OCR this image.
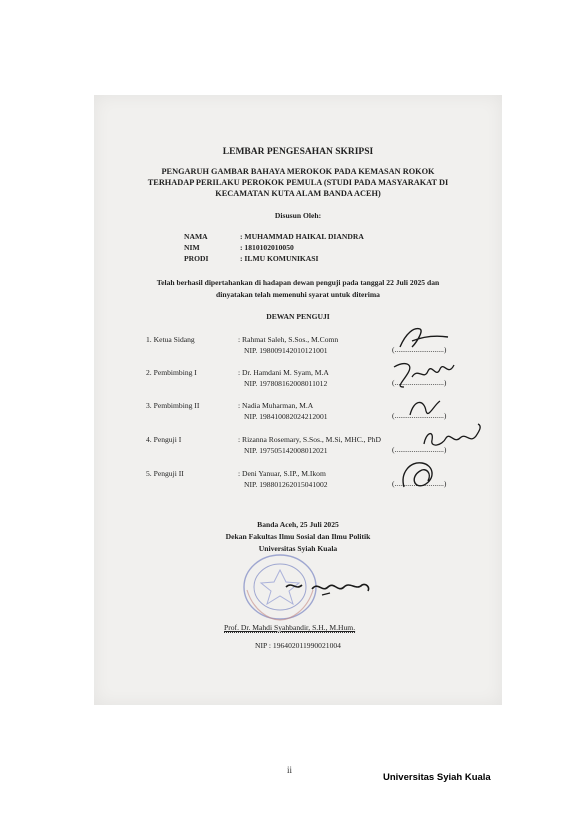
LEMBAR PENGESAHAN SKRIPSI
PENGARUH GAMBAR BAHAYA MEROKOK PADA KEMASAN ROKOK
TERHADAP PERILAKU PEROKOK PEMULA (STUDI PADA MASYARAKAT DI
KECAMATAN KUTA ALAM BANDA ACEH)
Disusun Oleh:
NAMA	: MUHAMMAD HAIKAL DIANDRA
NIM	: 1810102010050
PRODI	: ILMU KOMUNIKASI
Telah berhasil dipertahankan di hadapan dewan penguji pada tanggal 22 Juli 2025 dan
dinyatakan telah memenuhi syarat untuk diterima
DEWAN PENGUJI
1. Ketua Sidang	: Rahmat Saleh, S.Sos., M.Comn
NIP. 198009142010121001	(..........................)
2. Pembimbing I	: Dr. Hamdani M. Syam, M.A
NIP. 197808162008011012	(..........................)
3. Pembimbing II	: Nadia Muharman, M.A
NIP. 198410082024212001	(..........................)
4. Penguji I	: Rizanna Rosemary, S.Sos., M.Si, MHC., PhD
NIP. 197505142008012021	(..........................)
5. Penguji II	: Deni Yanuar, S.IP., M.Ikom
NIP. 198801262015041002	(..........................)
Banda Aceh, 25 Juli 2025
Dekan Fakultas Ilmu Sosial dan Ilmu Politik
Universitas Syiah Kuala
Prof. Dr. Mahdi Syahbandir, S.H., M.Hum.
NIP : 196402011990021004
ii
Universitas Syiah Kuala
